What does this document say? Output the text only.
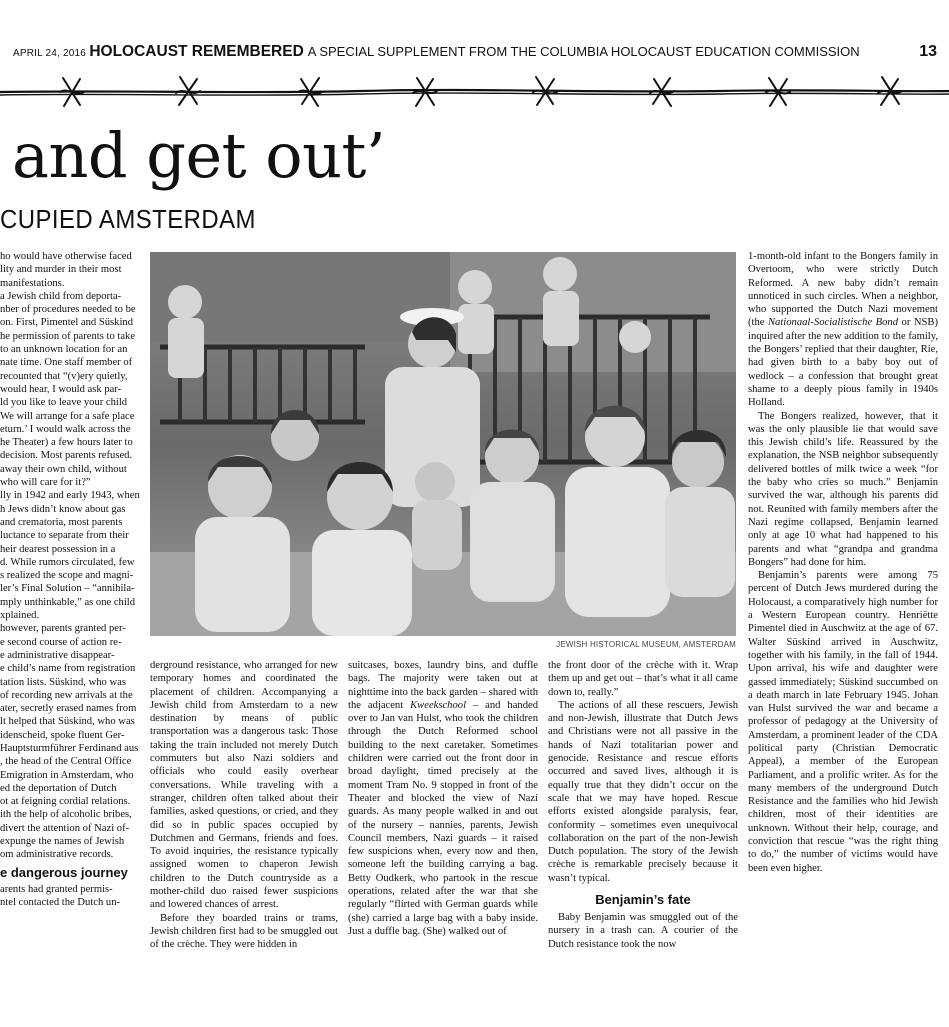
APRIL 24, 2016 HOLOCAUST REMEMBERED A SPECIAL SUPPLEMENT FROM THE COLUMBIA HOLOCAUST EDUCATION COMMISSION	13
and get out’
CUPIED AMSTERDAM

ho would have otherwise faced

lity and murder in their most

manifestations.

a Jewish child from deporta-

nber of procedures needed to be

on. First, Pimentel and Süskind

he permission of parents to take

to an unknown location for an

nate time. One staff member of

recounted that “(v)ery quietly,

would hear, I would ask par-

ld you like to leave your child

We will arrange for a safe place

eturn.’ I would walk across the

he Theater) a few hours later to

decision. Most parents refused.

away their own child, without

who will care for it?”

lly in 1942 and early 1943, when

h Jews didn’t know about gas

and crematoria, most parents

luctance to separate from their

heir dearest possession in a

d. While rumors circulated, few

s realized the scope and magni-

ler’s Final Solution – “annihila-

mply unthinkable,” as one child

xplained.

however, parents granted per-

e second course of action re-

e administrative disappear-

e child’s name from registration

tation lists. Süskind, who was

of recording new arrivals at the

ater, secretly erased names from

lt helped that Süskind, who was

idenscheid, spoke fluent Ger-

Hauptsturmführer Ferdinand aus

, the head of the Central Office

Emigration in Amsterdam, who

ed the deportation of Dutch

ot at feigning cordial relations.

ith the help of alcoholic bribes,

divert the attention of Nazi of-

expunge the names of Jewish

om administrative records.

e dangerous journey

arents had granted permis-

ntel contacted the Dutch un-

JEWISH HISTORICAL MUSEUM, AMSTERDAM

derground resistance, who arranged for new temporary homes and coordinated the placement of children. Accompanying a Jewish child from Amsterdam to a new destination by means of public transportation was a dangerous task: Those taking the train included not merely Dutch commuters but also Nazi soldiers and officials who could easily overhear conversations. While traveling with a stranger, children often talked about their families, asked questions, or cried, and they did so in public spaces occupied by Dutchmen and Germans, friends and foes. To avoid inquiries, the resistance typically assigned women to chaperon Jewish children to the Dutch countryside as a mother-child duo raised fewer suspicions and lowered chances of arrest.

Before they boarded trains or trams, Jewish children first had to be smuggled out of the crèche. They were hidden in

suitcases, boxes, laundry bins, and duffle bags. The majority were taken out at nighttime into the back garden – shared with the adjacent Kweekschool – and handed over to Jan van Hulst, who took the children through the Dutch Reformed school building to the next caretaker. Sometimes children were carried out the front door in broad daylight, timed precisely at the moment Tram No. 9 stopped in front of the Theater and blocked the view of Nazi guards. As many people walked in and out of the nursery – nannies, parents, Jewish Council members, Nazi guards – it raised few suspicions when, every now and then, someone left the building carrying a bag. Betty Oudkerk, who partook in the rescue operations, related after the war that she regularly “flirted with German guards while (she) carried a large bag with a baby inside. Just a duffle bag. (She) walked out of

the front door of the crèche with it. Wrap them up and get out – that’s what it all came down to, really.”

The actions of all these rescuers, Jewish and non-Jewish, illustrate that Dutch Jews and Christians were not all passive in the hands of Nazi totalitarian power and genocide. Resistance and rescue efforts occurred and saved lives, although it is equally true that they didn’t occur on the scale that we may have hoped. Rescue efforts existed alongside paralysis, fear, conformity – sometimes even unequivocal collaboration on the part of the non-Jewish Dutch population. The story of the Jewish crèche is remarkable precisely because it wasn’t typical.

Benjamin’s fate

Baby Benjamin was smuggled out of the nursery in a trash can. A courier of the Dutch resistance took the now

1-month-old infant to the Bongers family in Overtoom, who were strictly Dutch Reformed. A new baby didn’t remain unnoticed in such circles. When a neighbor, who supported the Dutch Nazi movement (the Nationaal-Socialistische Bond or NSB) inquired after the new addition to the family, the Bongers’ replied that their daughter, Rie, had given birth to a baby boy out of wedlock – a confession that brought great shame to a deeply pious family in 1940s Holland.

The Bongers realized, however, that it was the only plausible lie that would save this Jewish child’s life. Reassured by the explanation, the NSB neighbor subsequently delivered bottles of milk twice a week “for the baby who cries so much.” Benjamin survived the war, although his parents did not. Reunited with family members after the Nazi regime collapsed, Benjamin learned only at age 10 what had happened to his parents and what “grandpa and grandma Bongers” had done for him.

Benjamin’s parents were among 75 percent of Dutch Jews murdered during the Holocaust, a comparatively high number for a Western European country. Henriëtte Pimentel died in Auschwitz at the age of 67. Walter Süskind arrived in Auschwitz, together with his family, in the fall of 1944. Upon arrival, his wife and daughter were gassed immediately; Süskind succumbed on a death march in late February 1945. Johan van Hulst survived the war and became a professor of pedagogy at the University of Amsterdam, a prominent leader of the CDA political party (Christian Democratic Appeal), a member of the European Parliament, and a prolific writer. As for the many members of the underground Dutch Resistance and the families who hid Jewish children, most of their identities are unknown. Without their help, courage, and conviction that rescue “was the right thing to do,” the number of victims would have been even higher.
